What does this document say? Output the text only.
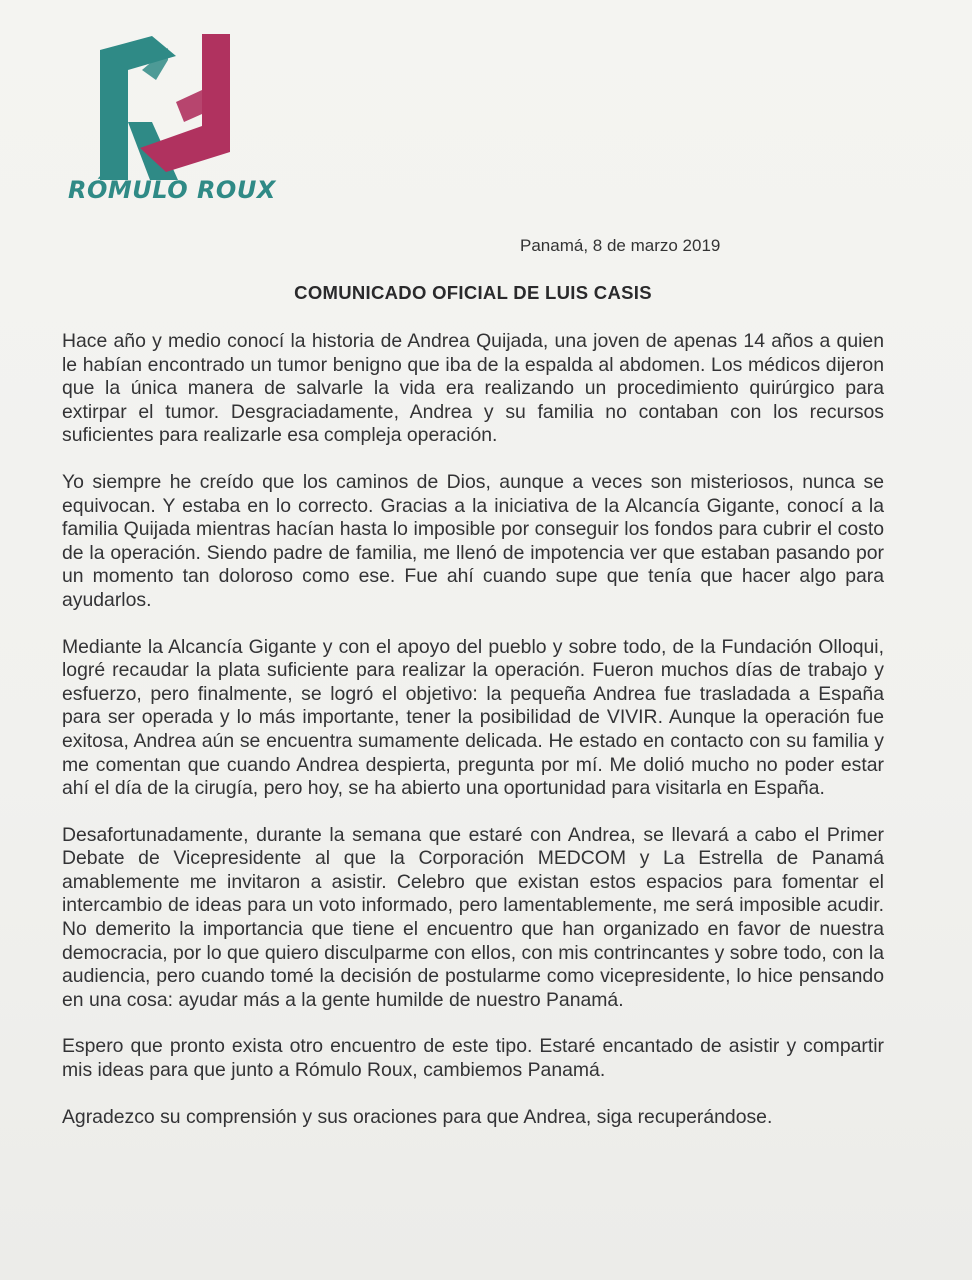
RÓMULO ROUX
Panamá, 8 de marzo 2019
COMUNICADO OFICIAL DE LUIS CASIS

Hace año y medio conocí la historia de Andrea Quijada, una joven de apenas 14 años a quien le habían encontrado un tumor benigno que iba de la espalda al abdomen. Los médicos dijeron que la única manera de salvarle la vida era realizando un procedimiento quirúrgico para extirpar el tumor. Desgraciadamente, Andrea y su familia no contaban con los recursos suficientes para realizarle esa compleja operación.

Yo siempre he creído que los caminos de Dios, aunque a veces son misteriosos, nunca se equivocan. Y estaba en lo correcto. Gracias a la iniciativa de la Alcancía Gigante, conocí a la familia Quijada mientras hacían hasta lo imposible por conseguir los fondos para cubrir el costo de la operación. Siendo padre de familia, me llenó de impotencia ver que estaban pasando por un momento tan doloroso como ese. Fue ahí cuando supe que tenía que hacer algo para ayudarlos.

Mediante la Alcancía Gigante y con el apoyo del pueblo y sobre todo, de la Fundación Olloqui, logré recaudar la plata suficiente para realizar la operación. Fueron muchos días de trabajo y esfuerzo, pero finalmente, se logró el objetivo: la pequeña Andrea fue trasladada a España para ser operada y lo más importante, tener la posibilidad de VIVIR. Aunque la operación fue exitosa, Andrea aún se encuentra sumamente delicada. He estado en contacto con su familia y me comentan que cuando Andrea despierta, pregunta por mí. Me dolió mucho no poder estar ahí el día de la cirugía, pero hoy, se ha abierto una oportunidad para visitarla en España.

Desafortunadamente, durante la semana que estaré con Andrea, se llevará a cabo el Primer Debate de Vicepresidente al que la Corporación MEDCOM y La Estrella de Panamá amablemente me invitaron a asistir. Celebro que existan estos espacios para fomentar el intercambio de ideas para un voto informado, pero lamentablemente, me será imposible acudir. No demerito la importancia que tiene el encuentro que han organizado en favor de nuestra democracia, por lo que quiero disculparme con ellos, con mis contrincantes y sobre todo, con la audiencia, pero cuando tomé la decisión de postularme como vicepresidente, lo hice pensando en una cosa: ayudar más a la gente humilde de nuestro Panamá.

Espero que pronto exista otro encuentro de este tipo. Estaré encantado de asistir y compartir mis ideas para que junto a Rómulo Roux, cambiemos Panamá.

Agradezco su comprensión y sus oraciones para que Andrea, siga recuperándose.
